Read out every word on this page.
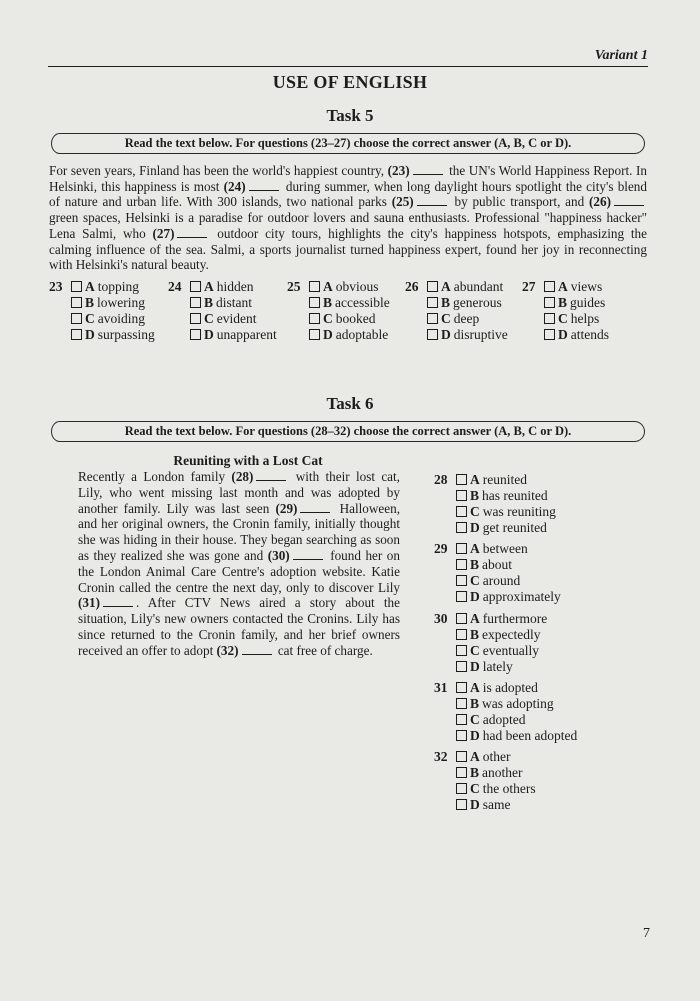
Variant 1
USE OF ENGLISH
Task 5
Read the text below. For questions (23–27) choose the correct answer (A, B, C or D).
For seven years, Finland has been the world's happiest country, (23)	the UN's World Happiness Report. In Helsinki, this happiness is most (24)	during summer, when long daylight hours spotlight the city's blend of nature and urban life. With 300 islands, two national parks (25)	by public transport, and (26) green spaces, Helsinki is a paradise for outdoor lovers and sauna enthusiasts. Professional "happiness hacker" Lena Salmi, who (27)	outdoor city tours, highlights the city's happiness hotspots, emphasizing the calming influence of the sea. Salmi, a sports journalist turned happiness expert, found her joy in reconnecting with Helsinki's natural beauty.
23 A topping
B lowering
C avoiding
D surpassing
24 A hidden
B distant
C evident
D unapparent
25 A obvious
B accessible
C booked
D adoptable
26 A abundant
B generous
C deep
D disruptive
27 A views
B guides
C helps
D attends
Task 6
Read the text below. For questions (28–32) choose the correct answer (A, B, C or D).
Reuniting with a Lost Cat
Recently a London family (28)	with their lost cat, Lily, who went missing last month and was adopted by another family. Lily was last seen (29)	Halloween, and her original owners, the Cronin family, initially thought she was hiding in their house. They began searching as soon as they realized she was gone and (30)	found her on the London Animal Care Centre's adoption website. Katie Cronin called the centre the next day, only to discover Lily (31)	. After CTV News aired a story about the situation, Lily's new owners contacted the Cronins. Lily has since returned to the Cronin family, and her brief owners received an offer to adopt (32)	cat free of charge.
28 A reunited
B has reunited
C was reuniting
D get reunited
29 A between
B about
C around
D approximately
30 A furthermore
B expectedly
C eventually
D lately
31 A is adopted
B was adopting
C adopted
D had been adopted
32 A other
B another
C the others
D same
7
